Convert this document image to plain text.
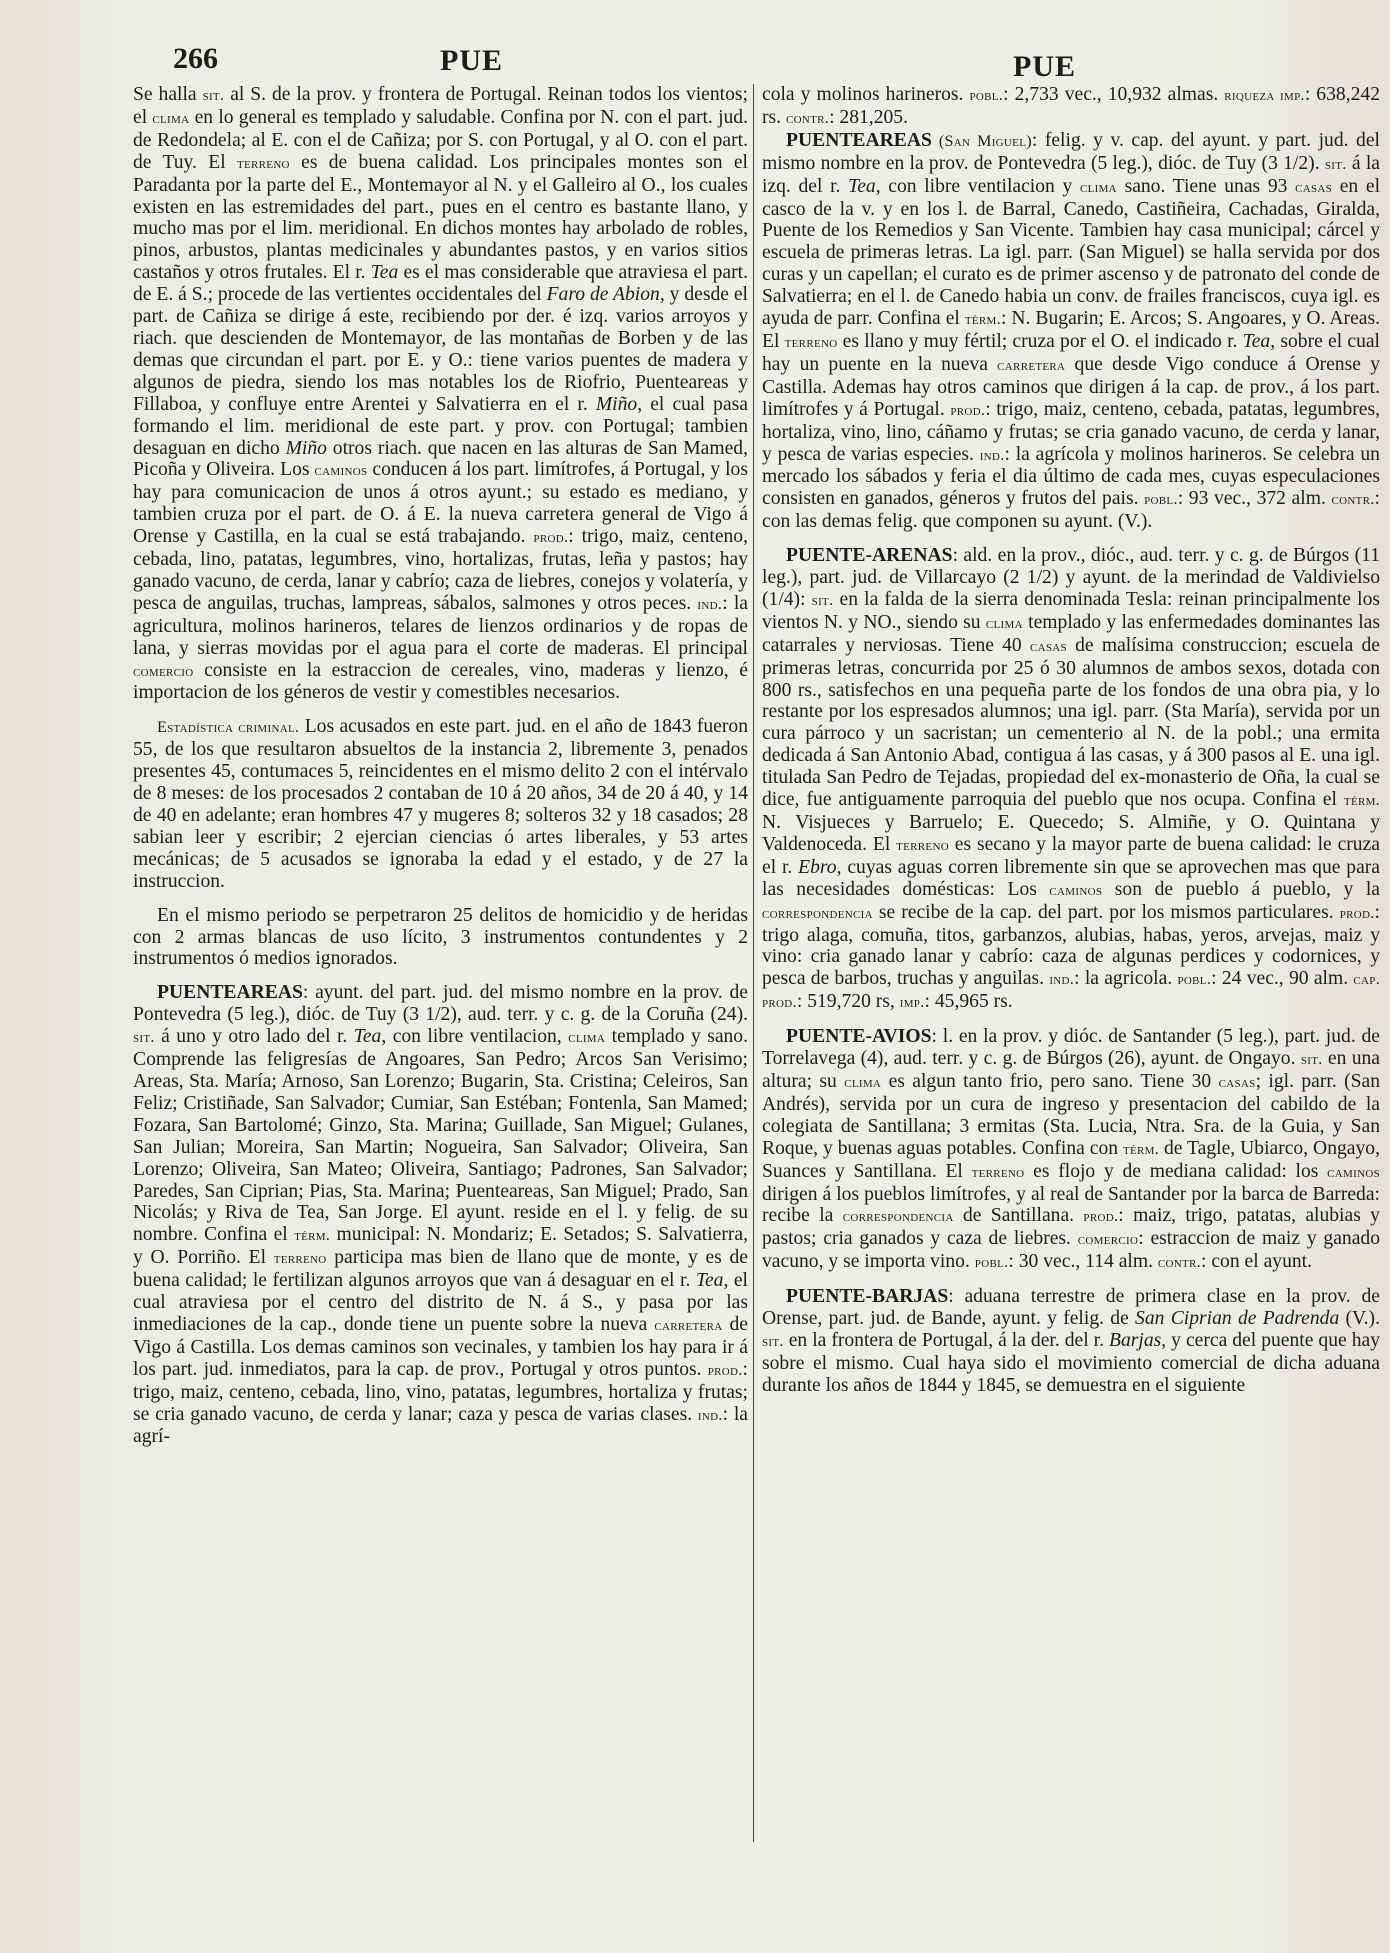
266	PUE	PUE

Se halla sit. al S. de la prov. y frontera de Portugal. Reinan todos los vientos; el clima en lo general es templado y saludable. Confina por N. con el part. jud. de Redondela; al E. con el de Cañiza; por S. con Portugal, y al O. con el part. de Tuy. El terreno es de buena calidad. Los principales montes son el Paradanta por la parte del E., Montemayor al N. y el Galleiro al O., los cuales existen en las estremidades del part., pues en el centro es bastante llano, y mucho mas por el lim. meridional. En dichos montes hay arbolado de robles, pinos, arbustos, plantas medicinales y abundantes pastos, y en varios sitios castaños y otros frutales. El r. Tea es el mas considerable que atraviesa el part. de E. á S.; procede de las vertientes occidentales del Faro de Abion, y desde el part. de Cañiza se dirige á este, recibiendo por der. é izq. varios arroyos y riach. que descienden de Montemayor, de las montañas de Borben y de las demas que circundan el part. por E. y O.: tiene varios puentes de madera y algunos de piedra, siendo los mas notables los de Riofrio, Puenteareas y Fillaboa, y confluye entre Arentei y Salvatierra en el r. Miño, el cual pasa formando el lim. meridional de este part. y prov. con Portugal; tambien desaguan en dicho Miño otros riach. que nacen en las alturas de San Mamed, Picoña y Oliveira. Los caminos conducen á los part. limítrofes, á Portugal, y los hay para comunicacion de unos á otros ayunt.; su estado es mediano, y tambien cruza por el part. de O. á E. la nueva carretera general de Vigo á Orense y Castilla, en la cual se está trabajando. prod.: trigo, maiz, centeno, cebada, lino, patatas, legumbres, vino, hortalizas, frutas, leña y pastos; hay ganado vacuno, de cerda, lanar y cabrío; caza de liebres, conejos y volatería, y pesca de anguilas, truchas, lampreas, sábalos, salmones y otros peces. ind.: la agricultura, molinos harineros, telares de lienzos ordinarios y de ropas de lana, y sierras movidas por el agua para el corte de maderas. El principal comercio consiste en la estraccion de cereales, vino, maderas y lienzo, é importacion de los géneros de vestir y comestibles necesarios.

Estadística criminal. Los acusados en este part. jud. en el año de 1843 fueron 55, de los que resultaron absueltos de la instancia 2, libremente 3, penados presentes 45, contumaces 5, reincidentes en el mismo delito 2 con el intérvalo de 8 meses: de los procesados 2 contaban de 10 á 20 años, 34 de 20 á 40, y 14 de 40 en adelante; eran hombres 47 y mugeres 8; solteros 32 y 18 casados; 28 sabian leer y escribir; 2 ejercian ciencias ó artes liberales, y 53 artes mecánicas; de 5 acusados se ignoraba la edad y el estado, y de 27 la instruccion.

En el mismo periodo se perpetraron 25 delitos de homicidio y de heridas con 2 armas blancas de uso lícito, 3 instrumentos contundentes y 2 instrumentos ó medios ignorados.

PUENTEAREAS: ayunt. del part. jud. del mismo nombre en la prov. de Pontevedra (5 leg.), dióc. de Tuy (3 1/2), aud. terr. y c. g. de la Coruña (24). sit. á uno y otro lado del r. Tea, con libre ventilacion, clima templado y sano. Comprende las feligresías de Angoares, San Pedro; Arcos San Verisimo; Areas, Sta. María; Arnoso, San Lorenzo; Bugarin, Sta. Cristina; Celeiros, San Feliz; Cristiñade, San Salvador; Cumiar, San Estéban; Fontenla, San Mamed; Fozara, San Bartolomé; Ginzo, Sta. Marina; Guillade, San Miguel; Gulanes, San Julian; Moreira, San Martin; Nogueira, San Salvador; Oliveira, San Lorenzo; Oliveira, San Mateo; Oliveira, Santiago; Padrones, San Salvador; Paredes, San Ciprian; Pias, Sta. Marina; Puenteareas, San Miguel; Prado, San Nicolás; y Riva de Tea, San Jorge. El ayunt. reside en el l. y felig. de su nombre. Confina el térm. municipal: N. Mondariz; E. Setados; S. Salvatierra, y O. Porriño. El terreno participa mas bien de llano que de monte, y es de buena calidad; le fertilizan algunos arroyos que van á desaguar en el r. Tea, el cual atraviesa por el centro del distrito de N. á S., y pasa por las inmediaciones de la cap., donde tiene un puente sobre la nueva carretera de Vigo á Castilla. Los demas caminos son vecinales, y tambien los hay para ir á los part. jud. inmediatos, para la cap. de prov., Portugal y otros puntos. prod.: trigo, maiz, centeno, cebada, lino, vino, patatas, legumbres, hortaliza y frutas; se cria ganado vacuno, de cerda y lanar; caza y pesca de varias clases. ind.: la agrí-

cola y molinos harineros. pobl.: 2,733 vec., 10,932 almas. riqueza imp.: 638,242 rs. contr.: 281,205.

PUENTEAREAS (San Miguel): felig. y v. cap. del ayunt. y part. jud. del mismo nombre en la prov. de Pontevedra (5 leg.), dióc. de Tuy (3 1/2). sit. á la izq. del r. Tea, con libre ventilacion y clima sano. Tiene unas 93 casas en el casco de la v. y en los l. de Barral, Canedo, Castiñeira, Cachadas, Giralda, Puente de los Remedios y San Vicente. Tambien hay casa municipal; cárcel y escuela de primeras letras. La igl. parr. (San Miguel) se halla servida por dos curas y un capellan; el curato es de primer ascenso y de patronato del conde de Salvatierra; en el l. de Canedo habia un conv. de frailes franciscos, cuya igl. es ayuda de parr. Confina el térm.: N. Bugarin; E. Arcos; S. Angoares, y O. Areas. El terreno es llano y muy fértil; cruza por el O. el indicado r. Tea, sobre el cual hay un puente en la nueva carretera que desde Vigo conduce á Orense y Castilla. Ademas hay otros caminos que dirigen á la cap. de prov., á los part. limítrofes y á Portugal. prod.: trigo, maiz, centeno, cebada, patatas, legumbres, hortaliza, vino, lino, cáñamo y frutas; se cria ganado vacuno, de cerda y lanar, y pesca de varias especies. ind.: la agrícola y molinos harineros. Se celebra un mercado los sábados y feria el dia último de cada mes, cuyas especulaciones consisten en ganados, géneros y frutos del pais. pobl.: 93 vec., 372 alm. contr.: con las demas felig. que componen su ayunt. (V.).

PUENTE-ARENAS: ald. en la prov., dióc., aud. terr. y c. g. de Búrgos (11 leg.), part. jud. de Villarcayo (2 1/2) y ayunt. de la merindad de Valdivielso (1/4): sit. en la falda de la sierra denominada Tesla: reinan principalmente los vientos N. y NO., siendo su clima templado y las enfermedades dominantes las catarrales y nerviosas. Tiene 40 casas de malísima construccion; escuela de primeras letras, concurrida por 25 ó 30 alumnos de ambos sexos, dotada con 800 rs., satisfechos en una pequeña parte de los fondos de una obra pia, y lo restante por los espresados alumnos; una igl. parr. (Sta María), servida por un cura párroco y un sacristan; un cementerio al N. de la pobl.; una ermita dedicada á San Antonio Abad, contigua á las casas, y á 300 pasos al E. una igl. titulada San Pedro de Tejadas, propiedad del ex-monasterio de Oña, la cual se dice, fue antiguamente parroquia del pueblo que nos ocupa. Confina el térm. N. Visjueces y Barruelo; E. Quecedo; S. Almiñe, y O. Quintana y Valdenoceda. El terreno es secano y la mayor parte de buena calidad: le cruza el r. Ebro, cuyas aguas corren libremente sin que se aprovechen mas que para las necesidades domésticas: Los caminos son de pueblo á pueblo, y la correspondencia se recibe de la cap. del part. por los mismos particulares. prod.: trigo alaga, comuña, titos, garbanzos, alubias, habas, yeros, arvejas, maiz y vino: cria ganado lanar y cabrío: caza de algunas perdices y codornices, y pesca de barbos, truchas y anguilas. ind.: la agricola. pobl.: 24 vec., 90 alm. cap. prod.: 519,720 rs, imp.: 45,965 rs.

PUENTE-AVIOS: l. en la prov. y dióc. de Santander (5 leg.), part. jud. de Torrelavega (4), aud. terr. y c. g. de Búrgos (26), ayunt. de Ongayo. sit. en una altura; su clima es algun tanto frio, pero sano. Tiene 30 casas; igl. parr. (San Andrés), servida por un cura de ingreso y presentacion del cabildo de la colegiata de Santillana; 3 ermitas (Sta. Lucia, Ntra. Sra. de la Guia, y San Roque, y buenas aguas potables. Confina con térm. de Tagle, Ubiarco, Ongayo, Suances y Santillana. El terreno es flojo y de mediana calidad: los caminos dirigen á los pueblos limítrofes, y al real de Santander por la barca de Barreda: recibe la correspondencia de Santillana. prod.: maiz, trigo, patatas, alubias y pastos; cria ganados y caza de liebres. comercio: estraccion de maiz y ganado vacuno, y se importa vino. pobl.: 30 vec., 114 alm. contr.: con el ayunt.

PUENTE-BARJAS: aduana terrestre de primera clase en la prov. de Orense, part. jud. de Bande, ayunt. y felig. de San Ciprian de Padrenda (V.). sit. en la frontera de Portugal, á la der. del r. Barjas, y cerca del puente que hay sobre el mismo. Cual haya sido el movimiento comercial de dicha aduana durante los años de 1844 y 1845, se demuestra en el siguiente
